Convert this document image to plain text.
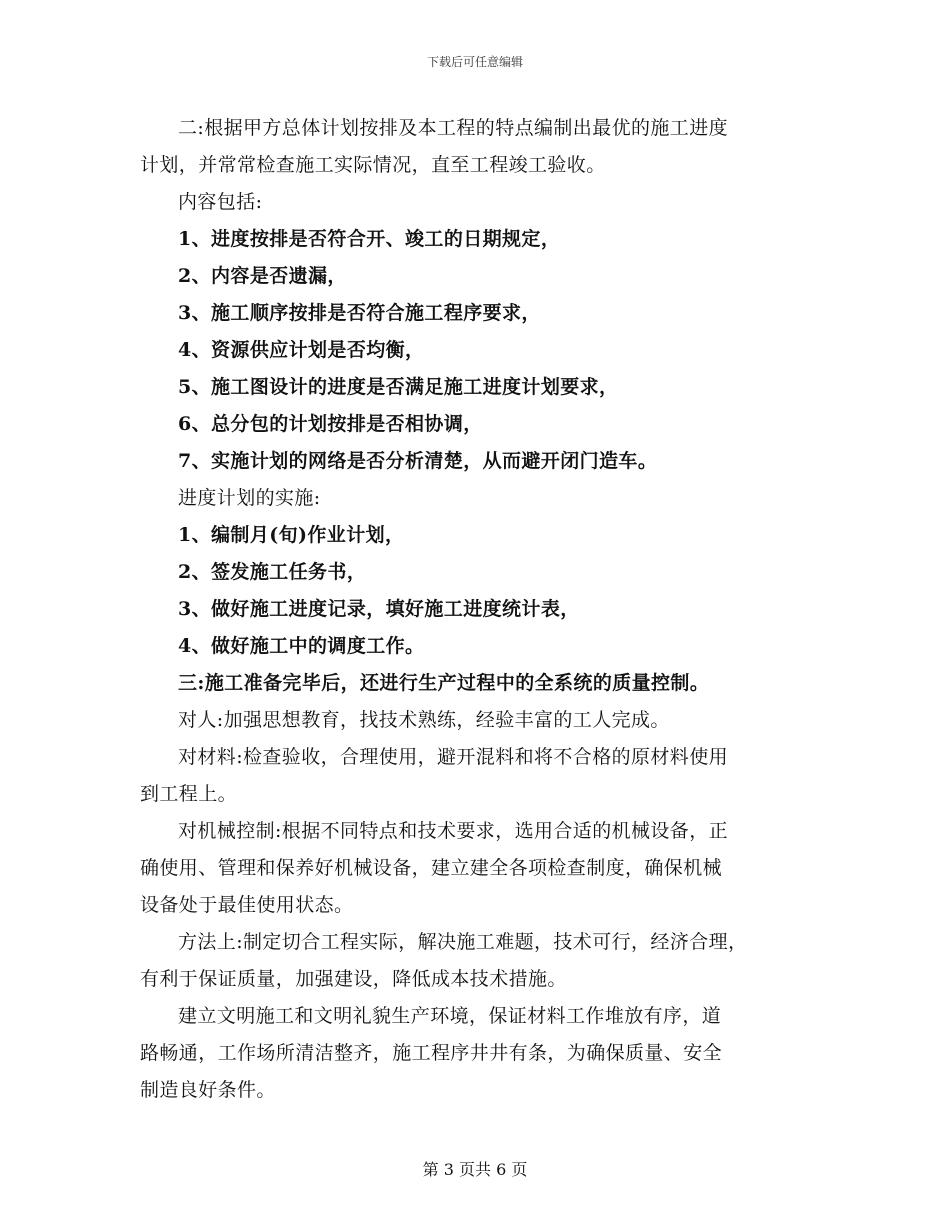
下载后可任意编辑
二:根据甲方总体计划按排及本工程的特点编制出最优的施工进度
计划，并常常检查施工实际情况，直至工程竣工验收。
内容包括:
1、进度按排是否符合开、竣工的日期规定，
2、内容是否遗漏，
3、施工顺序按排是否符合施工程序要求，
4、资源供应计划是否均衡，
5、施工图设计的进度是否满足施工进度计划要求，
6、总分包的计划按排是否相协调，
7、实施计划的网络是否分析清楚，从而避开闭门造车。
进度计划的实施:
1、编制月(旬)作业计划，
2、签发施工任务书，
3、做好施工进度记录，填好施工进度统计表，
4、做好施工中的调度工作。
三:施工准备完毕后，还进行生产过程中的全系统的质量控制。
对人:加强思想教育，找技术熟练，经验丰富的工人完成。
对材料:检查验收，合理使用，避开混料和将不合格的原材料使用
到工程上。
对机械控制:根据不同特点和技术要求，选用合适的机械设备，正
确使用、管理和保养好机械设备，建立建全各项检查制度，确保机械
设备处于最佳使用状态。
方法上:制定切合工程实际，解决施工难题，技术可行，经济合理，
有利于保证质量，加强建设，降低成本技术措施。
建立文明施工和文明礼貌生产环境，保证材料工作堆放有序，道
路畅通，工作场所清洁整齐，施工程序井井有条，为确保质量、安全
制造良好条件。
第 3 页共 6 页
